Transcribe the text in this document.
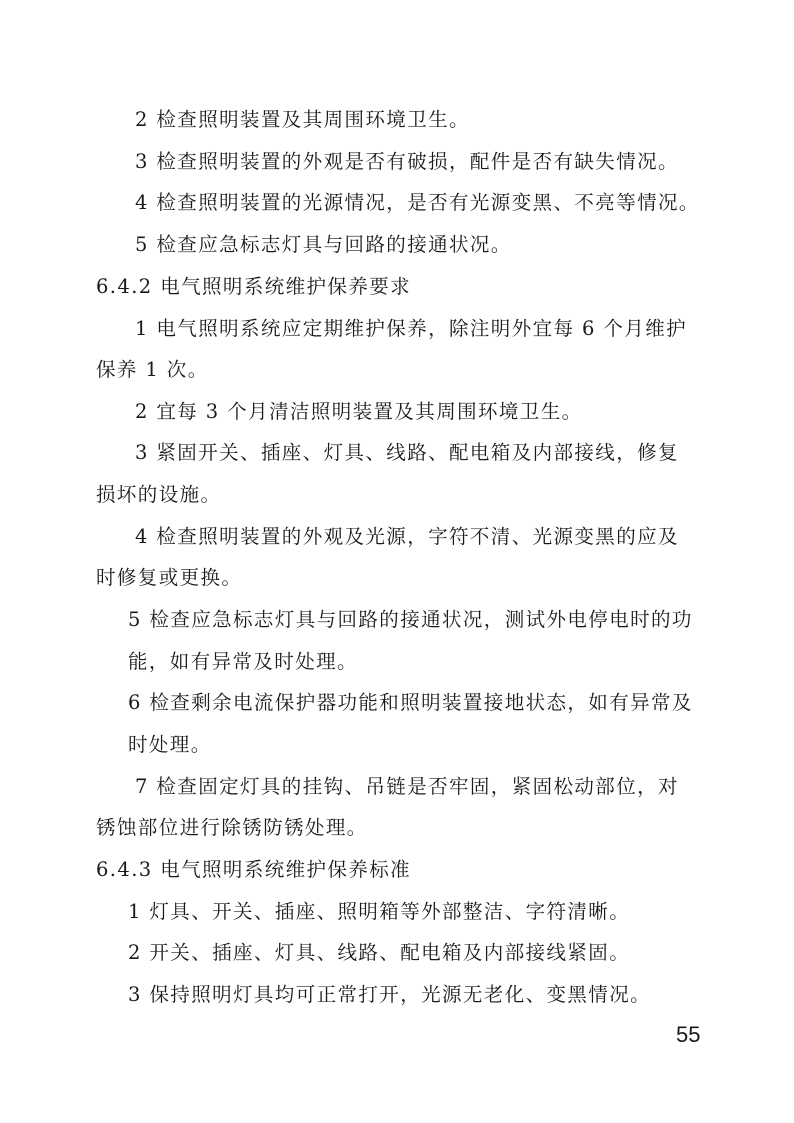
2 检查照明装置及其周围环境卫生。
3 检查照明装置的外观是否有破损，配件是否有缺失情况。
4 检查照明装置的光源情况，是否有光源变黑、不亮等情况。
5 检查应急标志灯具与回路的接通状况。
6.4.2 电气照明系统维护保养要求
1 电气照明系统应定期维护保养，除注明外宜每 6 个月维护
保养 1 次。
2 宜每 3 个月清洁照明装置及其周围环境卫生。
3 紧固开关、插座、灯具、线路、配电箱及内部接线，修复
损坏的设施。
4 检查照明装置的外观及光源，字符不清、光源变黑的应及
时修复或更换。
5 检查应急标志灯具与回路的接通状况，测试外电停电时的功
能，如有异常及时处理。
6 检查剩余电流保护器功能和照明装置接地状态，如有异常及
时处理。
7 检查固定灯具的挂钩、吊链是否牢固，紧固松动部位，对
锈蚀部位进行除锈防锈处理。
6.4.3 电气照明系统维护保养标准
1 灯具、开关、插座、照明箱等外部整洁、字符清晰。
2 开关、插座、灯具、线路、配电箱及内部接线紧固。
3 保持照明灯具均可正常打开，光源无老化、变黑情况。
55
